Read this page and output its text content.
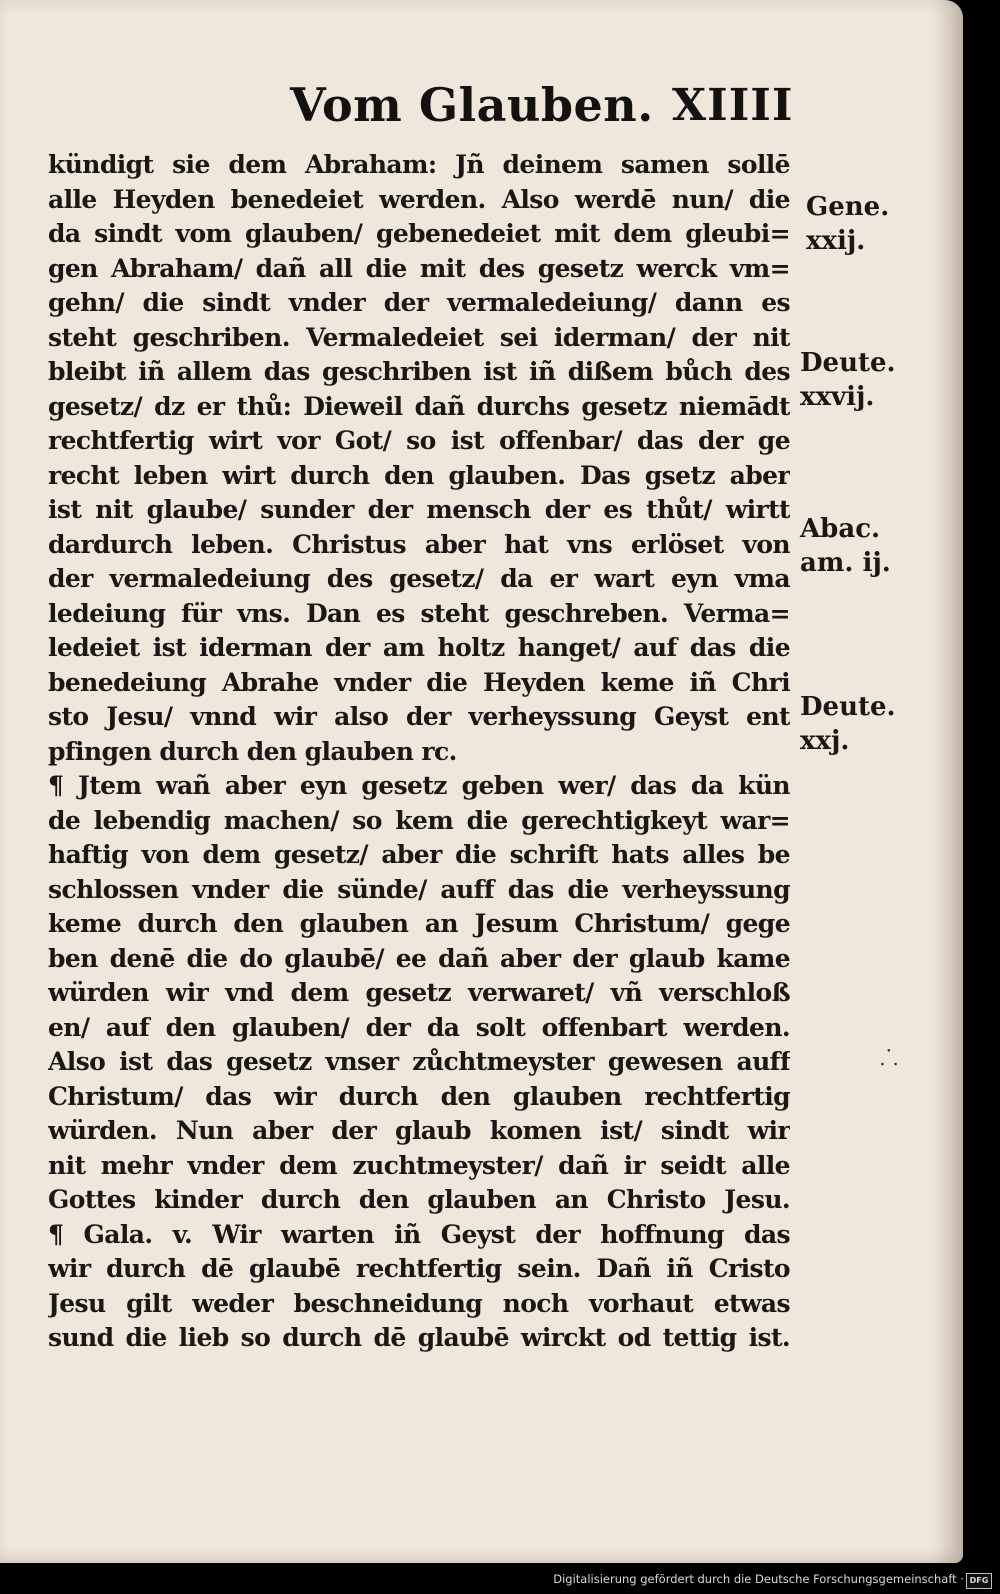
Vom Glauben. XIIII
kündigt sie dem Abraham: Jñ deinem samen sollē
alle Heyden benedeiet werden. Also werdē nun/ die
da sindt vom glauben/ gebenedeiet mit dem gleubi=
gen Abraham/ dañ all die mit des gesetz werck vm=
gehn/ die sindt vnder der vermaledeiung/ dann es
steht geschriben. Vermaledeiet sei iderman/ der nit
bleibt iñ allem das geschriben ist iñ dißem bůch des
gesetz/ dz er thů: Dieweil dañ durchs gesetz niemādt
rechtfertig wirt vor Got/ so ist offenbar/ das der ge
recht leben wirt durch den glauben. Das gsetz aber
ist nit glaube/ sunder der mensch der es thůt/ wirtt
dardurch leben. Christus aber hat vns erlöset von
der vermaledeiung des gesetz/ da er wart eyn vma
ledeiung für vns. Dan es steht geschreben. Verma=
ledeiet ist iderman der am holtz hanget/ auf das die
benedeiung Abrahe vnder die Heyden keme iñ Chri
sto Jesu/ vnnd wir also der verheyssung Geyst ent
pfingen durch den glauben rc.
¶ Jtem wañ aber eyn gesetz geben wer/ das da kün
de lebendig machen/ so kem die gerechtigkeyt war=
haftig von dem gesetz/ aber die schrift hats alles be
schlossen vnder die sünde/ auff das die verheyssung
keme durch den glauben an Jesum Christum/ gege
ben denē die do glaubē/ ee dañ aber der glaub kame
würden wir vnd dem gesetz verwaret/ vñ verschloß
en/ auf den glauben/ der da solt offenbart werden.
Also ist das gesetz vnser zůchtmeyster gewesen auff
Christum/ das wir durch den glauben rechtfertig
würden. Nun aber der glaub komen ist/ sindt wir
nit mehr vnder dem zuchtmeyster/ dañ ir seidt alle
Gottes kinder durch den glauben an Christo Jesu.
¶ Gala. v. Wir warten iñ Geyst der hoffnung das
wir durch dē glaubē rechtfertig sein. Dañ iñ Cristo
Jesu gilt weder beschneidung noch vorhaut etwas
sund die lieb so durch dē glaubē wirckt od tettig ist.
Gene.
xxij.
Deute.
xxvij.
Abac.
am. ij.
Deute.
xxj.
⸫
Digitalisierung gefördert durch die Deutsche Forschungsgemeinschaft · DFG
